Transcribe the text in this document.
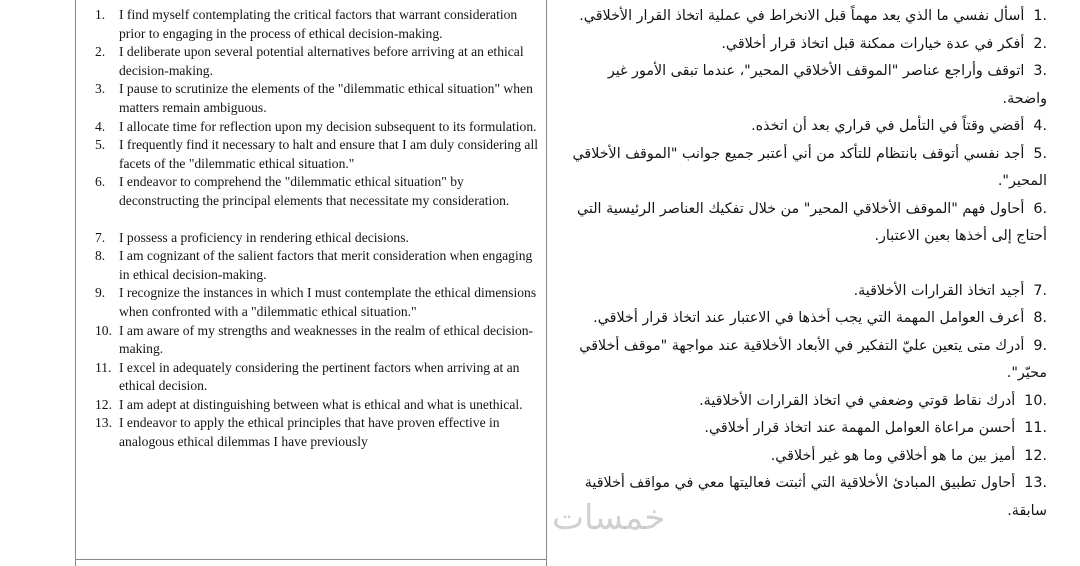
1.	I find myself contemplating the critical factors that warrant consideration prior to engaging in the process of ethical decision-making.
2.	I deliberate upon several potential alternatives before arriving at an ethical decision-making.
3.	I pause to scrutinize the elements of the "dilemmatic ethical situation" when matters remain ambiguous.
4.	I allocate time for reflection upon my decision subsequent to its formulation.
5.	I frequently find it necessary to halt and ensure that I am duly considering all facets of the "dilemmatic ethical situation."
6.	I endeavor to comprehend the "dilemmatic ethical situation" by deconstructing the principal elements that necessitate my consideration.
7.	I possess a proficiency in rendering ethical decisions.
8.	I am cognizant of the salient factors that merit consideration when engaging in ethical decision-making.
9.	I recognize the instances in which I must contemplate the ethical dimensions when confronted with a "dilemmatic ethical situation."
10. I am aware of my strengths and weaknesses in the realm of ethical decision-making.
11. I excel in adequately considering the pertinent factors when arriving at an ethical decision.
12. I am adept at distinguishing between what is ethical and what is unethical.
13. I endeavor to apply the ethical principles that have proven effective in analogous ethical dilemmas I have previously
1.أسأل نفسي ما الذي يعد مهماً قبل الانخراط في عملية اتخاذ القرار الأخلاقي.
2.أفكر في عدة خيارات ممكنة قبل اتخاذ قرار أخلاقي.
3.اتوقف وأراجع عناصر "الموقف الأخلاقي المحير"، عندما تبقى الأمور غير واضحة.
4.أقضي وقتاً في التأمل في قراري بعد أن اتخذه.
5.أجد نفسي أتوقف بانتظام للتأكد من أني أعتبر جميع جوانب "الموقف الأخلاقي المحير".
6.أحاول فهم "الموقف الأخلاقي المحير" من خلال تفكيك العناصر الرئيسية التي أحتاج إلى أخذها بعين الاعتبار.
7.أجيد اتخاذ القرارات الأخلاقية.
8.أعرف العوامل المهمة التي يجب أخذها في الاعتبار عند اتخاذ قرار أخلاقي.
9.أدرك متى يتعين عليّ التفكير في الأبعاد الأخلاقية عند مواجهة "موقف أخلاقي محيّر".
10.أدرك نقاط قوتي وضعفي في اتخاذ القرارات الأخلاقية.
11.أحسن مراعاة العوامل المهمة عند اتخاذ قرار أخلاقي.
12.أميز بين ما هو أخلاقي وما هو غير أخلاقي.
13.أحاول تطبيق المبادئ الأخلاقية التي أثبتت فعاليتها معي في مواقف أخلاقية سابقة.
خمسات
